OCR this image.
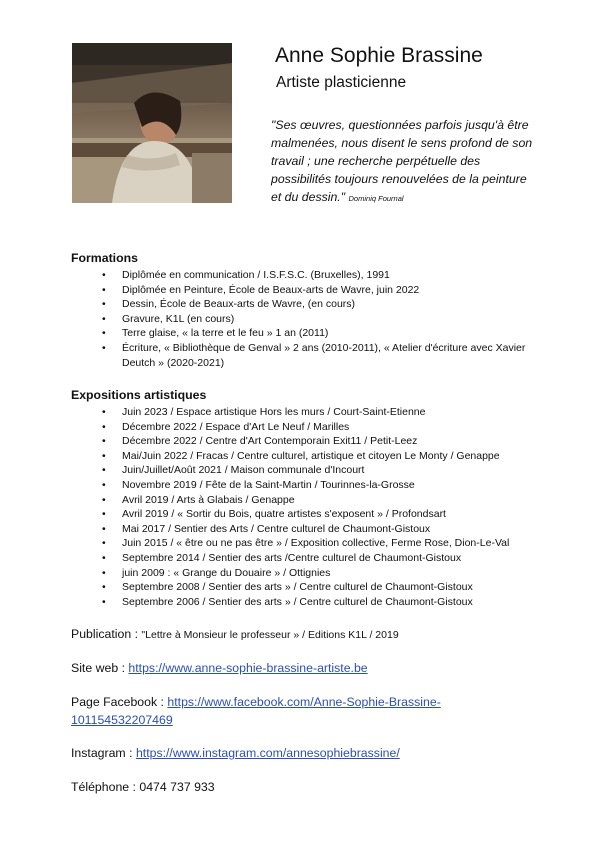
Anne Sophie Brassine
Artiste plasticienne
"Ses œuvres, questionnées parfois jusqu'à être malmenées, nous disent le sens profond de son travail ; une recherche perpétuelle des possibilités toujours renouvelées de la peinture et du dessin." Dominiq Fournal
Formations
• Diplômée en communication / I.S.F.S.C. (Bruxelles), 1991
• Diplômée en Peinture, École de Beaux-arts de Wavre, juin 2022
• Dessin, École de Beaux-arts de Wavre, (en cours)
• Gravure, K1L (en cours)
• Terre glaise, « la terre et le feu » 1 an (2011)
• Écriture, « Bibliothèque de Genval » 2 ans (2010-2011), « Atelier d'écriture avec Xavier Deutch » (2020-2021)
Expositions artistiques
• Juin 2023 / Espace artistique Hors les murs / Court-Saint-Etienne
• Décembre 2022 / Espace d'Art Le Neuf / Marilles
• Décembre 2022 / Centre d'Art Contemporain Exit11 / Petit-Leez
• Mai/Juin 2022 / Fracas / Centre culturel, artistique et citoyen Le Monty / Genappe
• Juin/Juillet/Août 2021 / Maison communale d'Incourt
• Novembre 2019 / Fête de la Saint-Martin / Tourinnes-la-Grosse
• Avril 2019 / Arts à Glabais / Genappe
• Avril 2019 / « Sortir du Bois, quatre artistes s'exposent » / Profondsart
• Mai 2017 / Sentier des Arts / Centre culturel de Chaumont-Gistoux
• Juin 2015 / « être ou ne pas être » / Exposition collective, Ferme Rose, Dion-Le-Val
• Septembre 2014 / Sentier des arts /Centre culturel de Chaumont-Gistoux
• juin 2009 : « Grange du Douaire » / Ottignies
• Septembre 2008 / Sentier des arts » / Centre culturel de Chaumont-Gistoux
• Septembre 2006 / Sentier des arts » / Centre culturel de Chaumont-Gistoux
Publication : "Lettre à Monsieur le professeur » / Editions K1L / 2019
Site web : https://www.anne-sophie-brassine-artiste.be
Page Facebook : https://www.facebook.com/Anne-Sophie-Brassine-
101154532207469
Instagram : https://www.instagram.com/annesophiebrassine/
Téléphone : 0474 737 933
